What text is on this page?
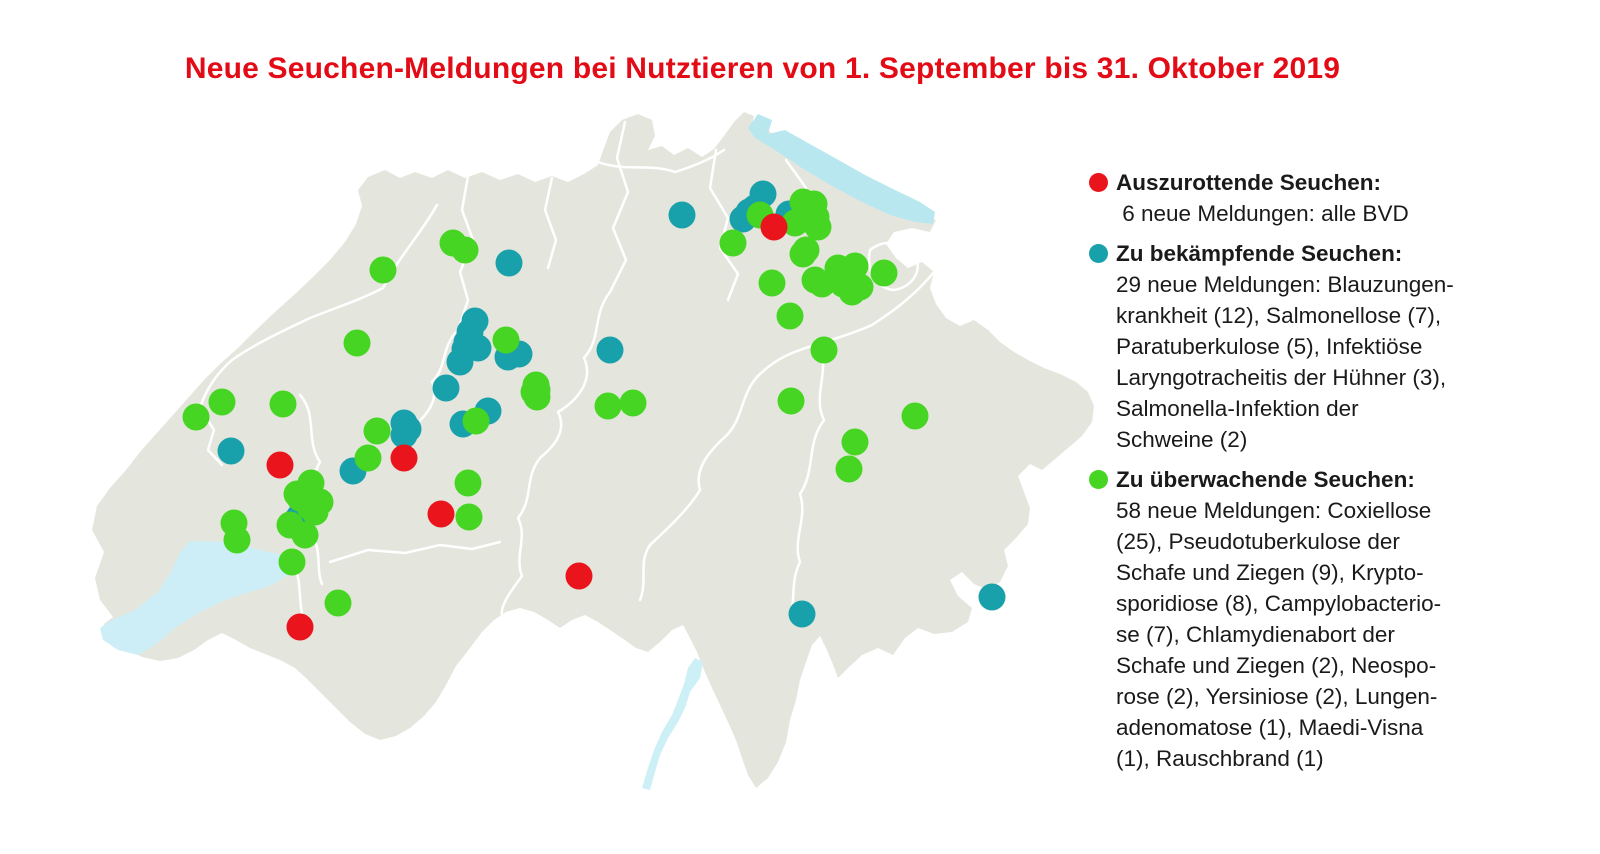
Neue Seuchen-Meldungen bei Nutztieren von 1. September bis 31. Oktober 2019
Auszurottende Seuchen:
6 neue Meldungen: alle BVD
Zu bekämpfende Seuchen:
29 neue Meldungen: Blauzungen-
krankheit (12), Salmonellose (7),
Paratuberkulose (5), Infektiöse
Laryngotracheitis der Hühner (3),
Salmonella-Infektion der
Schweine (2)
Zu überwachende Seuchen:
58 neue Meldungen: Coxiellose
(25), Pseudotuberkulose der
Schafe und Ziegen (9), Krypto-
sporidiose (8), Campylobacterio-
se (7), Chlamydienabort der
Schafe und Ziegen (2), Neospo-
rose (2), Yersiniose (2), Lungen-
adenomatose (1), Maedi-Visna
(1), Rauschbrand (1)
